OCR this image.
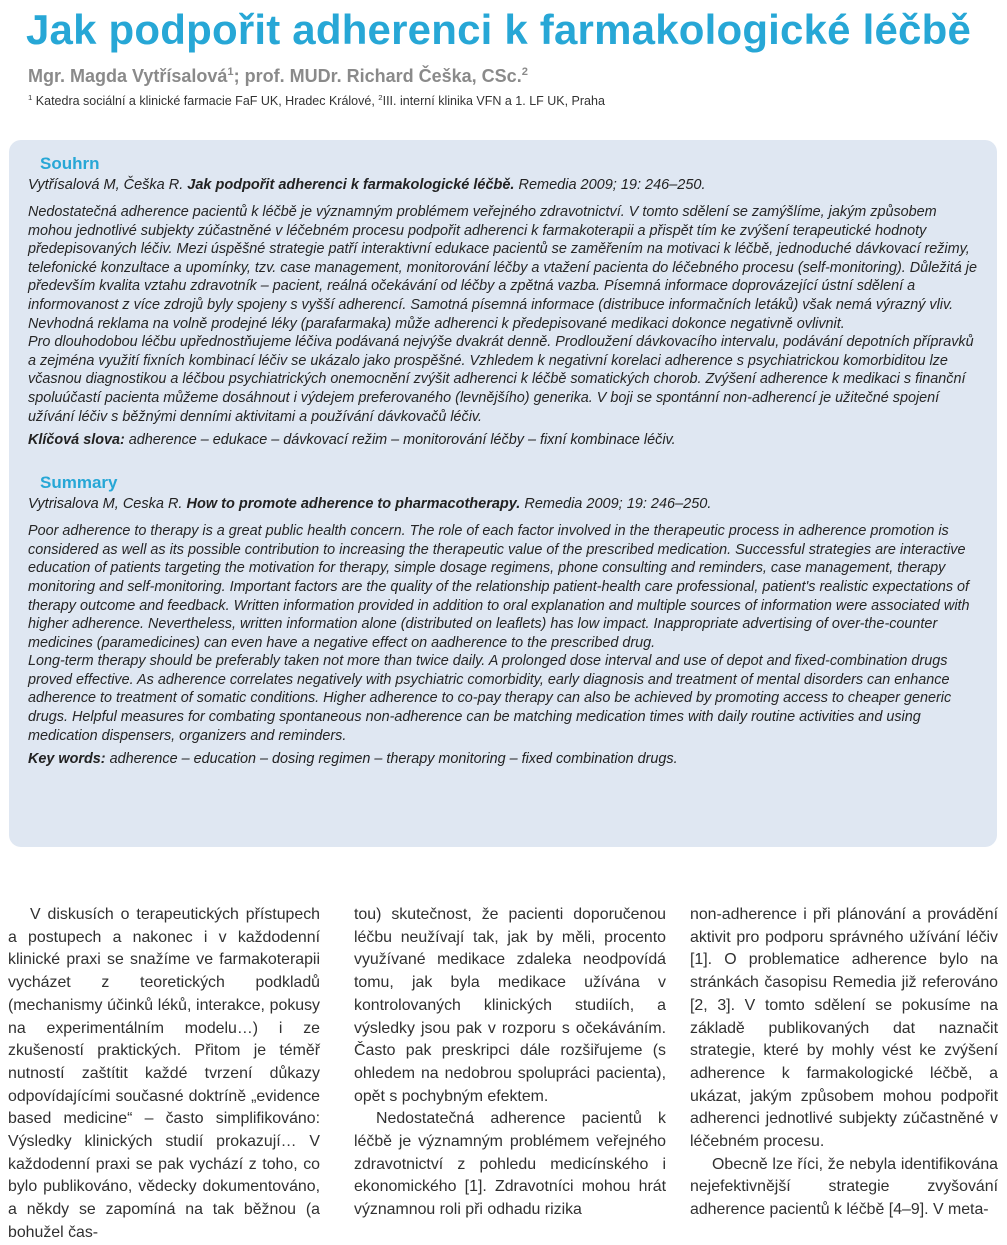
Jak podpořit adherenci k farmakologické léčbě
Mgr. Magda Vytřísalová$^1$; prof. MUDr. Richard Češka, CSc.$^2$
$^1$ Katedra sociální a klinické farmacie FaF UK, Hradec Králové, $^2$III. interní klinika VFN a 1. LF UK, Praha
Souhrn
Vytřísalová M, Češka R. Jak podpořit adherenci k farmakologické léčbě. Remedia 2009; 19: 246–250.

Nedostatečná adherence pacientů k léčbě je významným problémem veřejného zdravotnictví. V tomto sdělení se zamýšlíme, jakým způsobem mohou jednotlivé subjekty zúčastněné v léčebném procesu podpořit adherenci k farmakoterapii a přispět tím ke zvýšení terapeutické hodnoty předepisovaných léčiv. Mezi úspěšné strategie patří interaktivní edukace pacientů se zaměřením na motivaci k léčbě, jednoduché dávkovací režimy, telefonické konzultace a upomínky, tzv. case management, monitorování léčby a vtažení pacienta do léčebného procesu (self-monitoring). Důležitá je především kvalita vztahu zdravotník – pacient, reálná očekávání od léčby a zpětná vazba. Písemná informace doprovázející ústní sdělení a informovanost z více zdrojů byly spojeny s vyšší adherencí. Samotná písemná informace (distribuce informačních letáků) však nemá výrazný vliv. Nevhodná reklama na volně prodejné léky (parafarmaka) může adherenci k předepisované medikaci dokonce negativně ovlivnit.

Pro dlouhodobou léčbu upřednostňujeme léčiva podávaná nejvýše dvakrát denně. Prodloužení dávkovacího intervalu, podávání depotních přípravků a zejména využití fixních kombinací léčiv se ukázalo jako prospěšné. Vzhledem k negativní korelaci adherence s psychiatrickou komorbiditou lze včasnou diagnostikou a léčbou psychiatrických onemocnění zvýšit adherenci k léčbě somatických chorob. Zvýšení adherence k medikaci s finanční spoluúčastí pacienta můžeme dosáhnout i výdejem preferovaného (levnějšího) generika. V boji se spontánní non-adherencí je užitečné spojení užívání léčiv s běžnými denními aktivitami a používání dávkovačů léčiv.

Klíčová slova: adherence – edukace – dávkovací režim – monitorování léčby – fixní kombinace léčiv.
Summary
Vytrisalova M, Ceska R. How to promote adherence to pharmacotherapy. Remedia 2009; 19: 246–250.

Poor adherence to therapy is a great public health concern. The role of each factor involved in the therapeutic process in adherence promotion is considered as well as its possible contribution to increasing the therapeutic value of the prescribed medication. Successful strategies are interactive education of patients targeting the motivation for therapy, simple dosage regimens, phone consulting and reminders, case management, therapy monitoring and self-monitoring. Important factors are the quality of the relationship patient-health care professional, patient's realistic expectations of therapy outcome and feedback. Written information provided in addition to oral explanation and multiple sources of information were associated with higher adherence. Nevertheless, written information alone (distributed on leaflets) has low impact. Inappropriate advertising of over-the-counter medicines (paramedicines) can even have a negative effect on aadherence to the prescribed drug.

Long-term therapy should be preferably taken not more than twice daily. A prolonged dose interval and use of depot and fixed-combination drugs proved effective. As adherence correlates negatively with psychiatric comorbidity, early diagnosis and treatment of mental disorders can enhance adherence to treatment of somatic conditions. Higher adherence to co-pay therapy can also be achieved by promoting access to cheaper generic drugs. Helpful measures for combating spontaneous non-adherence can be matching medication times with daily routine activities and using medication dispensers, organizers and reminders.

Key words: adherence – education – dosing regimen – therapy monitoring – fixed combination drugs.

V diskusích o terapeutických přístupech a postupech a nakonec i v každodenní klinické praxi se snažíme ve farmakoterapii vycházet z teoretických podkladů (mechanismy účinků léků, interakce, pokusy na experimentálním modelu…) i ze zkušeností praktických. Přitom je téměř nutností zaštítit každé tvrzení důkazy odpovídajícími současné doktríně „evidence based medicine“ – často simplifikováno: Výsledky klinických studií prokazují… V každodenní praxi se pak vychází z toho, co bylo publikováno, vědecky dokumentováno, a někdy se zapomíná na tak běžnou (a bohužel čas-

tou) skutečnost, že pacienti doporučenou léčbu neužívají tak, jak by měli, procento využívané medikace zdaleka neodpovídá tomu, jak byla medikace užívána v kontrolovaných klinických studiích, a výsledky jsou pak v rozporu s očekáváním. Často pak preskripci dále rozšiřujeme (s ohledem na nedobrou spolupráci pacienta), opět s pochybným efektem.

Nedostatečná adherence pacientů k léčbě je významným problémem veřejného zdravotnictví z pohledu medicínského i ekonomického [1]. Zdravotníci mohou hrát významnou roli při odhadu rizika

non-adherence i při plánování a provádění aktivit pro podporu správného užívání léčiv [1]. O problematice adherence bylo na stránkách časopisu Remedia již referováno [2, 3]. V tomto sdělení se pokusíme na základě publikovaných dat naznačit strategie, které by mohly vést ke zvýšení adherence k farmakologické léčbě, a ukázat, jakým způsobem mohou podpořit adherenci jednotlivé subjekty zúčastněné v léčebném procesu.

Obecně lze říci, že nebyla identifikována nejefektivnější strategie zvyšování adherence pacientů k léčbě [4–9]. V meta-
